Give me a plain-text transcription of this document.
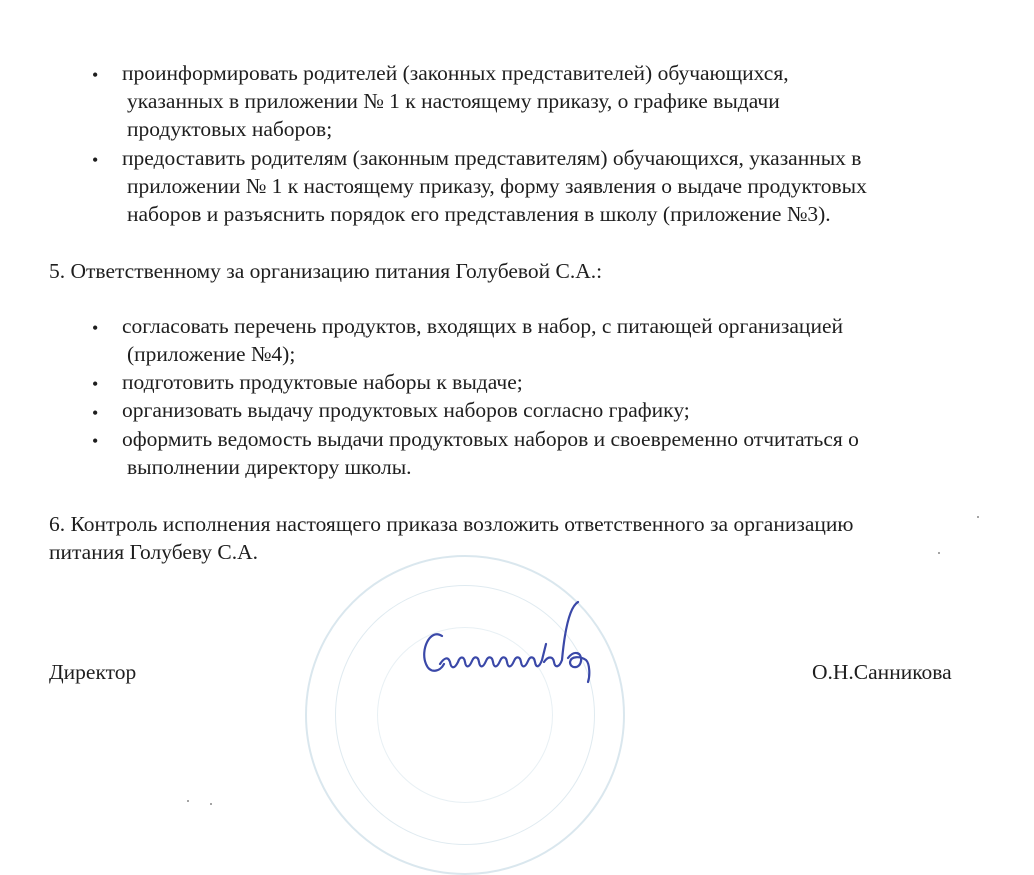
• проинформировать родителей (законных представителей) обучающихся,
указанных в приложении № 1 к настоящему приказу, о графике выдачи
продуктовых наборов;
• предоставить родителям (законным представителям) обучающихся, указанных в
приложении № 1 к настоящему приказу, форму заявления о выдаче продуктовых
наборов и разъяснить порядок его представления в школу (приложение №3).
5. Ответственному за организацию питания Голубевой С.А.:
• согласовать перечень продуктов, входящих в набор, с питающей организацией
(приложение №4);
• подготовить продуктовые наборы к выдаче;
• организовать выдачу продуктовых наборов согласно графику;
• оформить ведомость выдачи продуктовых наборов и своевременно отчитаться о
выполнении директору школы.
6. Контроль исполнения настоящего приказа возложить ответственного за организацию
питания Голубеву С.А.
Директор	О.Н.Санникова
